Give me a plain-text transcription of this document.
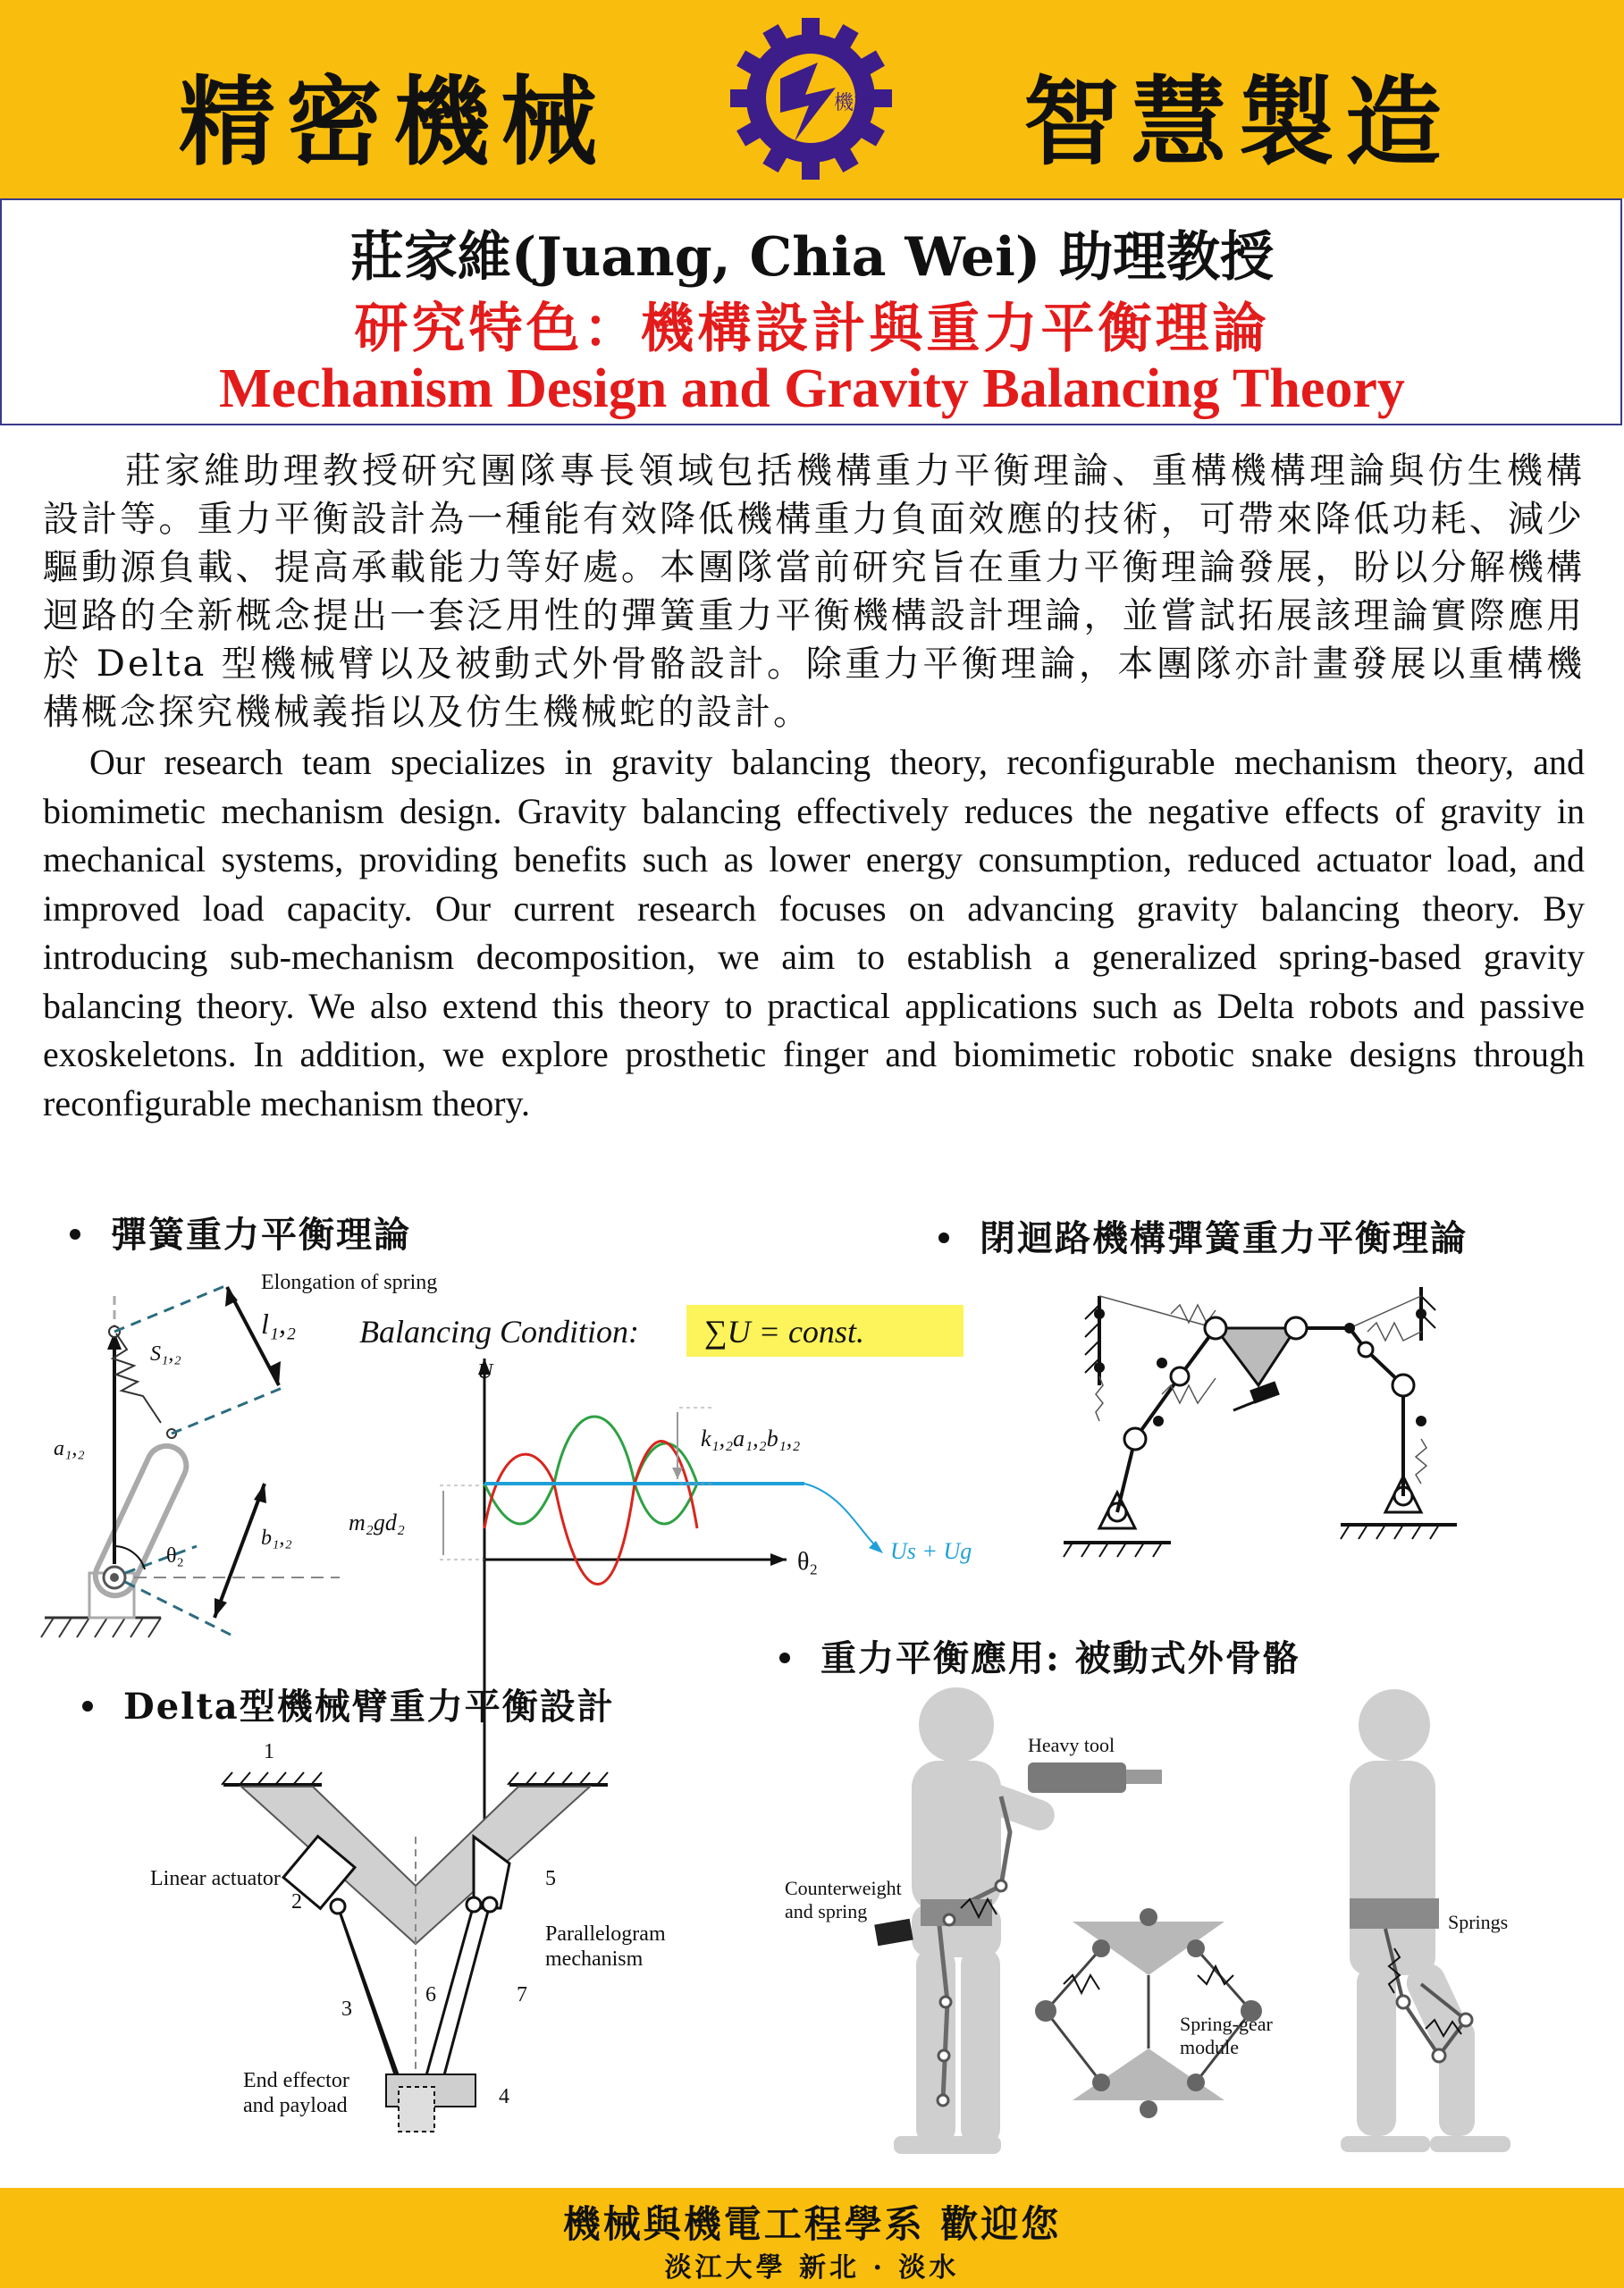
精密機械	智慧製造
機械
莊家維(Juang, Chia Wei) 助理教授
研究特色：機構設計與重力平衡理論
Mechanism Design and Gravity Balancing Theory

莊家維助理教授研究團隊專長領域包括機構重力平衡理論、重構機構理論與仿生機構設計等。重力平衡設計為一種能有效降低機構重力負面效應的技術，可帶來降低功耗、減少驅動源負載、提高承載能力等好處。本團隊當前研究旨在重力平衡理論發展，盼以分解機構迴路的全新概念提出一套泛用性的彈簧重力平衡機構設計理論，並嘗試拓展該理論實際應用於 Delta 型機械臂以及被動式外骨骼設計。除重力平衡理論，本團隊亦計畫發展以重構機構概念探究機械義指以及仿生機械蛇的設計。

Our research team specializes in gravity balancing theory, reconfigurable mechanism theory, and biomimetic mechanism design. Gravity balancing effectively reduces the negative effects of gravity in mechanical systems, providing benefits such as lower energy consumption, reduced actuator load, and improved load capacity. Our current research focuses on advancing gravity balancing theory. By introducing sub-mechanism decomposition, we aim to establish a generalized spring-based gravity balancing theory. We also extend this theory to practical applications such as Delta robots and passive exoskeletons. In addition, we explore prosthetic finger and biomimetic robotic snake designs through reconfigurable mechanism theory.

彈簧重力平衡理論	閉迴路機構彈簧重力平衡理論
Delta型機械臂重力平衡設計
重力平衡應用: 被動式外骨骼
Elongation of spring
l₁,₂
S₁,₂
a₁,₂
b₁,₂
θ₂
Balancing Condition: ∑U = const.
U
θ₂	Us + Ug
k₁,₂a₁,₂b₁,₂
m₂gd₂
1
Linear actuator
2
5
Parallelogram
mechanism
3
6	7
4
End effector
and payload
Heavy tool
Counterweight
and spring
Spring-gear
module
Springs
機械與機電工程學系 歡迎您
淡江大學 新北 · 淡水
